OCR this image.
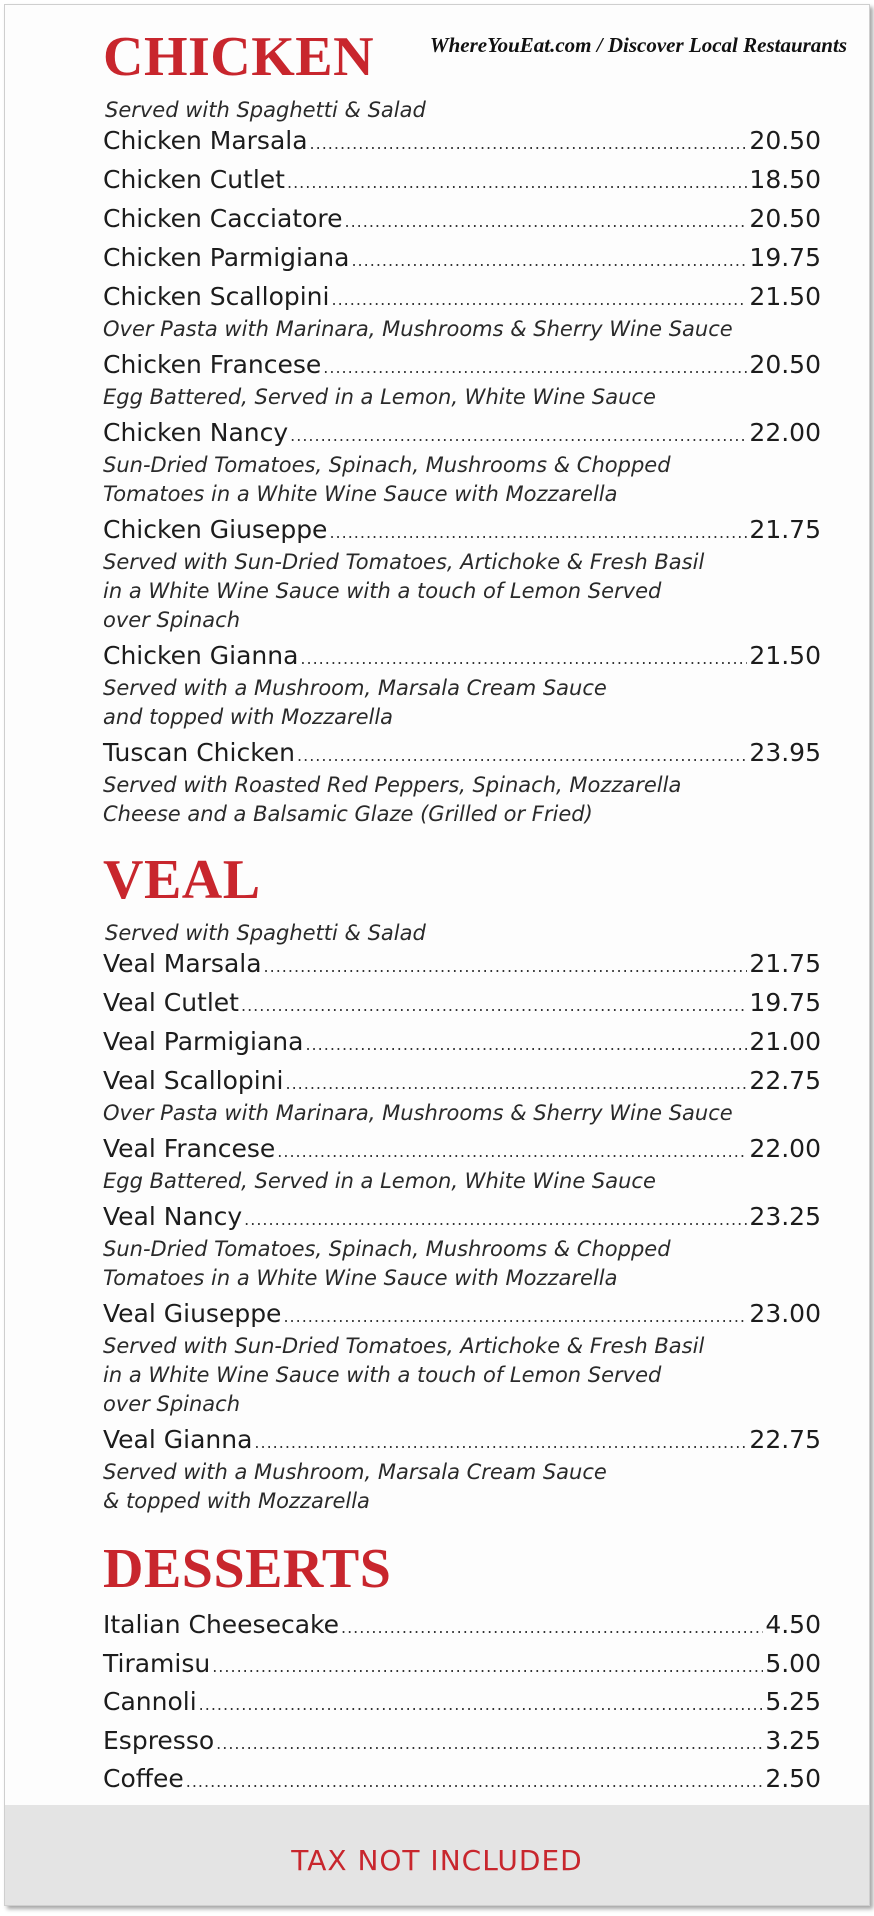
WhereYouEat.com / Discover Local Restaurants
CHICKEN
Served with Spaghetti & Salad
Chicken Marsala .....	20.50
Chicken Cutlet .....	18.50
Chicken Cacciatore .....	20.50
Chicken Parmigiana .....	19.75
Chicken Scallopini .....	21.50
Over Pasta with Marinara, Mushrooms & Sherry Wine Sauce
Chicken Francese .....	20.50
Egg Battered, Served in a Lemon, White Wine Sauce
Chicken Nancy .....	22.00
Sun-Dried Tomatoes, Spinach, Mushrooms & Chopped
Tomatoes in a White Wine Sauce with Mozzarella
Chicken Giuseppe .....	21.75
Served with Sun-Dried Tomatoes, Artichoke & Fresh Basil
in a White Wine Sauce with a touch of Lemon Served
over Spinach
Chicken Gianna .....	21.50
Served with a Mushroom, Marsala Cream Sauce
and topped with Mozzarella
Tuscan Chicken .....	23.95
Served with Roasted Red Peppers, Spinach, Mozzarella
Cheese and a Balsamic Glaze (Grilled or Fried)
VEAL
Served with Spaghetti & Salad
Veal Marsala .....	21.75
Veal Cutlet .....	19.75
Veal Parmigiana .....	21.00
Veal Scallopini .....	22.75
Over Pasta with Marinara, Mushrooms & Sherry Wine Sauce
Veal Francese .....	22.00
Egg Battered, Served in a Lemon, White Wine Sauce
Veal Nancy .....	23.25
Sun-Dried Tomatoes, Spinach, Mushrooms & Chopped
Tomatoes in a White Wine Sauce with Mozzarella
Veal Giuseppe .....	23.00
Served with Sun-Dried Tomatoes, Artichoke & Fresh Basil
in a White Wine Sauce with a touch of Lemon Served
over Spinach
Veal Gianna .....	22.75
Served with a Mushroom, Marsala Cream Sauce
& topped with Mozzarella
DESSERTS
Italian Cheesecake .....	4.50
Tiramisu .....	5.00
Cannoli .....	5.25
Espresso .....	3.25
Coffee .....	2.50
.....
TAX NOT INCLUDED
